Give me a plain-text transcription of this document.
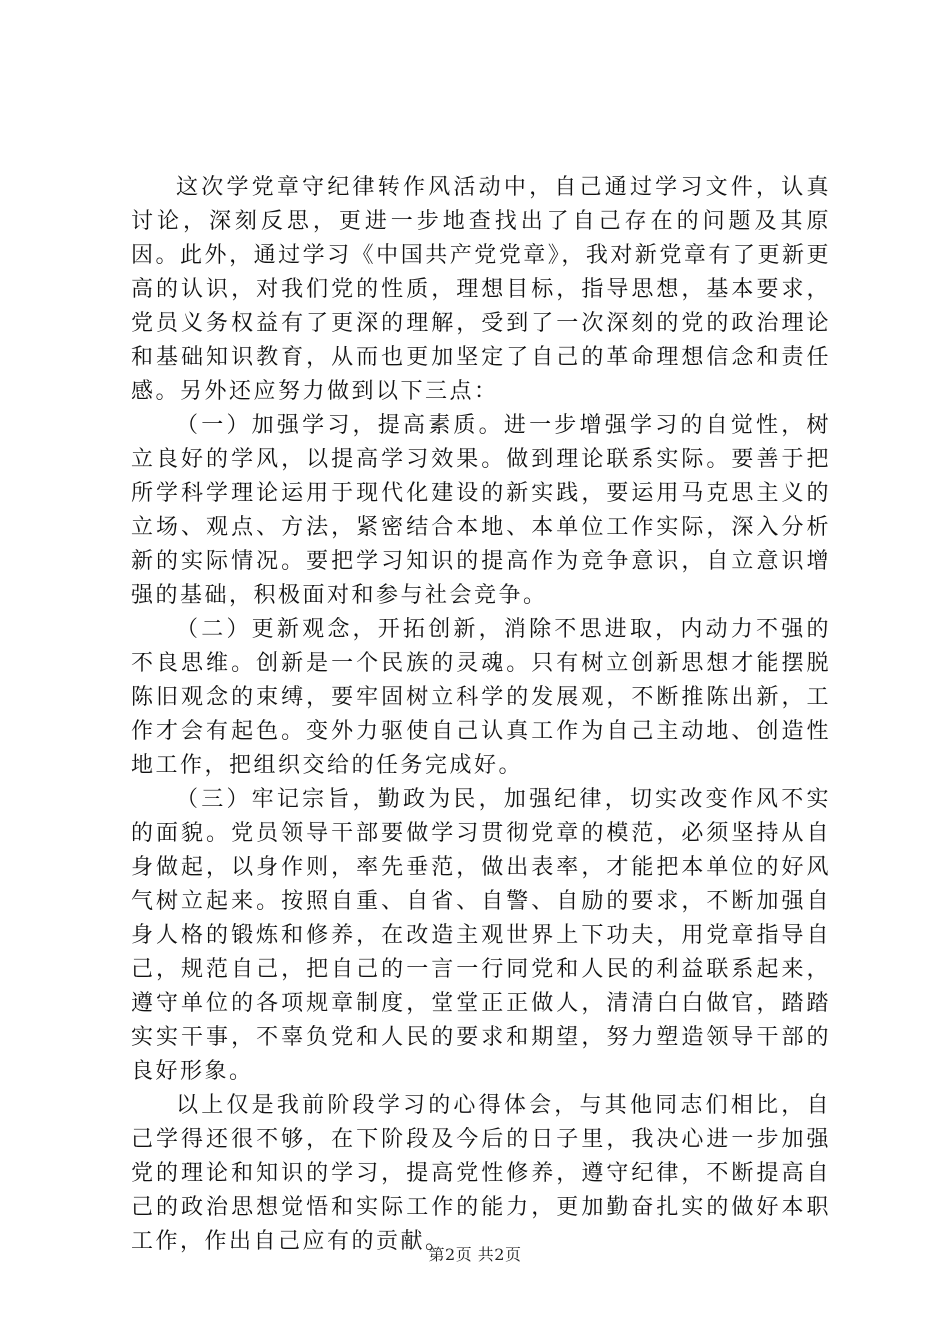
这次学党章守纪律转作风活动中，自己通过学习文件，认真讨论，深刻反思，更进一步地查找出了自己存在的问题及其原因。此外，通过学习《中国共产党党章》，我对新党章有了更新更高的认识，对我们党的性质，理想目标，指导思想，基本要求，党员义务权益有了更深的理解，受到了一次深刻的党的政治理论和基础知识教育，从而也更加坚定了自己的革命理想信念和责任感。另外还应努力做到以下三点：

（一）加强学习，提高素质。进一步增强学习的自觉性，树立良好的学风，以提高学习效果。做到理论联系实际。要善于把所学科学理论运用于现代化建设的新实践，要运用马克思主义的立场、观点、方法，紧密结合本地、本单位工作实际，深入分析新的实际情况。要把学习知识的提高作为竞争意识，自立意识增强的基础，积极面对和参与社会竞争。

（二）更新观念，开拓创新，消除不思进取，内动力不强的不良思维。创新是一个民族的灵魂。只有树立创新思想才能摆脱陈旧观念的束缚，要牢固树立科学的发展观，不断推陈出新，工作才会有起色。变外力驱使自己认真工作为自己主动地、创造性地工作，把组织交给的任务完成好。

（三）牢记宗旨，勤政为民，加强纪律，切实改变作风不实的面貌。党员领导干部要做学习贯彻党章的模范，必须坚持从自身做起，以身作则，率先垂范，做出表率，才能把本单位的好风气树立起来。按照自重、自省、自警、自励的要求，不断加强自身人格的锻炼和修养，在改造主观世界上下功夫，用党章指导自己，规范自己，把自己的一言一行同党和人民的利益联系起来，遵守单位的各项规章制度，堂堂正正做人，清清白白做官，踏踏实实干事，不辜负党和人民的要求和期望，努力塑造领导干部的良好形象。

以上仅是我前阶段学习的心得体会，与其他同志们相比，自己学得还很不够，在下阶段及今后的日子里，我决心进一步加强党的理论和知识的学习，提高党性修养，遵守纪律，不断提高自己的政治思想觉悟和实际工作的能力，更加勤奋扎实的做好本职工作，作出自己应有的贡献。

第2页 共2页
